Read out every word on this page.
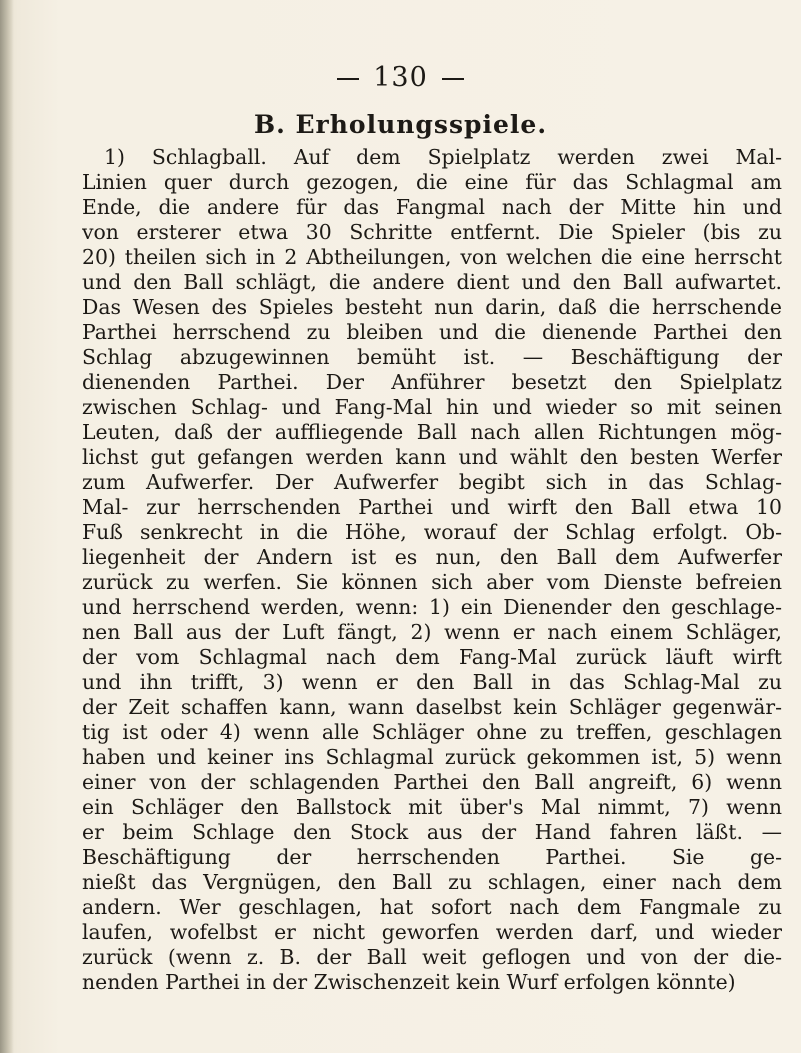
130
B. Erholungsspiele.
1) Schlagball. Auf dem Spielplatz werden zwei Mal-
Linien quer durch gezogen, die eine für das Schlagmal am
Ende, die andere für das Fangmal nach der Mitte hin und
von ersterer etwa 30 Schritte entfernt. Die Spieler (bis zu
20) theilen sich in 2 Abtheilungen, von welchen die eine herrscht
und den Ball schlägt, die andere dient und den Ball aufwartet.
Das Wesen des Spieles besteht nun darin, daß die herrschende
Parthei herrschend zu bleiben und die dienende Parthei den
Schlag abzugewinnen bemüht ist. — Beschäftigung der
dienenden Parthei. Der Anführer besetzt den Spielplatz
zwischen Schlag- und Fang-Mal hin und wieder so mit seinen
Leuten, daß der auffliegende Ball nach allen Richtungen mög-
lichst gut gefangen werden kann und wählt den besten Werfer
zum Aufwerfer. Der Aufwerfer begibt sich in das Schlag-
Mal- zur herrschenden Parthei und wirft den Ball etwa 10
Fuß senkrecht in die Höhe, worauf der Schlag erfolgt. Ob-
liegenheit der Andern ist es nun, den Ball dem Aufwerfer
zurück zu werfen. Sie können sich aber vom Dienste befreien
und herrschend werden, wenn: 1) ein Dienender den geschlage-
nen Ball aus der Luft fängt, 2) wenn er nach einem Schläger,
der vom Schlagmal nach dem Fang-Mal zurück läuft wirft
und ihn trifft, 3) wenn er den Ball in das Schlag-Mal zu
der Zeit schaffen kann, wann daselbst kein Schläger gegenwär-
tig ist oder 4) wenn alle Schläger ohne zu treffen, geschlagen
haben und keiner ins Schlagmal zurück gekommen ist, 5) wenn
einer von der schlagenden Parthei den Ball angreift, 6) wenn
ein Schläger den Ballstock mit über's Mal nimmt, 7) wenn
er beim Schlage den Stock aus der Hand fahren läßt. —
Beschäftigung der herrschenden Parthei. Sie ge-
nießt das Vergnügen, den Ball zu schlagen, einer nach dem
andern. Wer geschlagen, hat sofort nach dem Fangmale zu
laufen, wofelbst er nicht geworfen werden darf, und wieder
zurück (wenn z. B. der Ball weit geflogen und von der die-
nenden Parthei in der Zwischenzeit kein Wurf erfolgen könnte)
